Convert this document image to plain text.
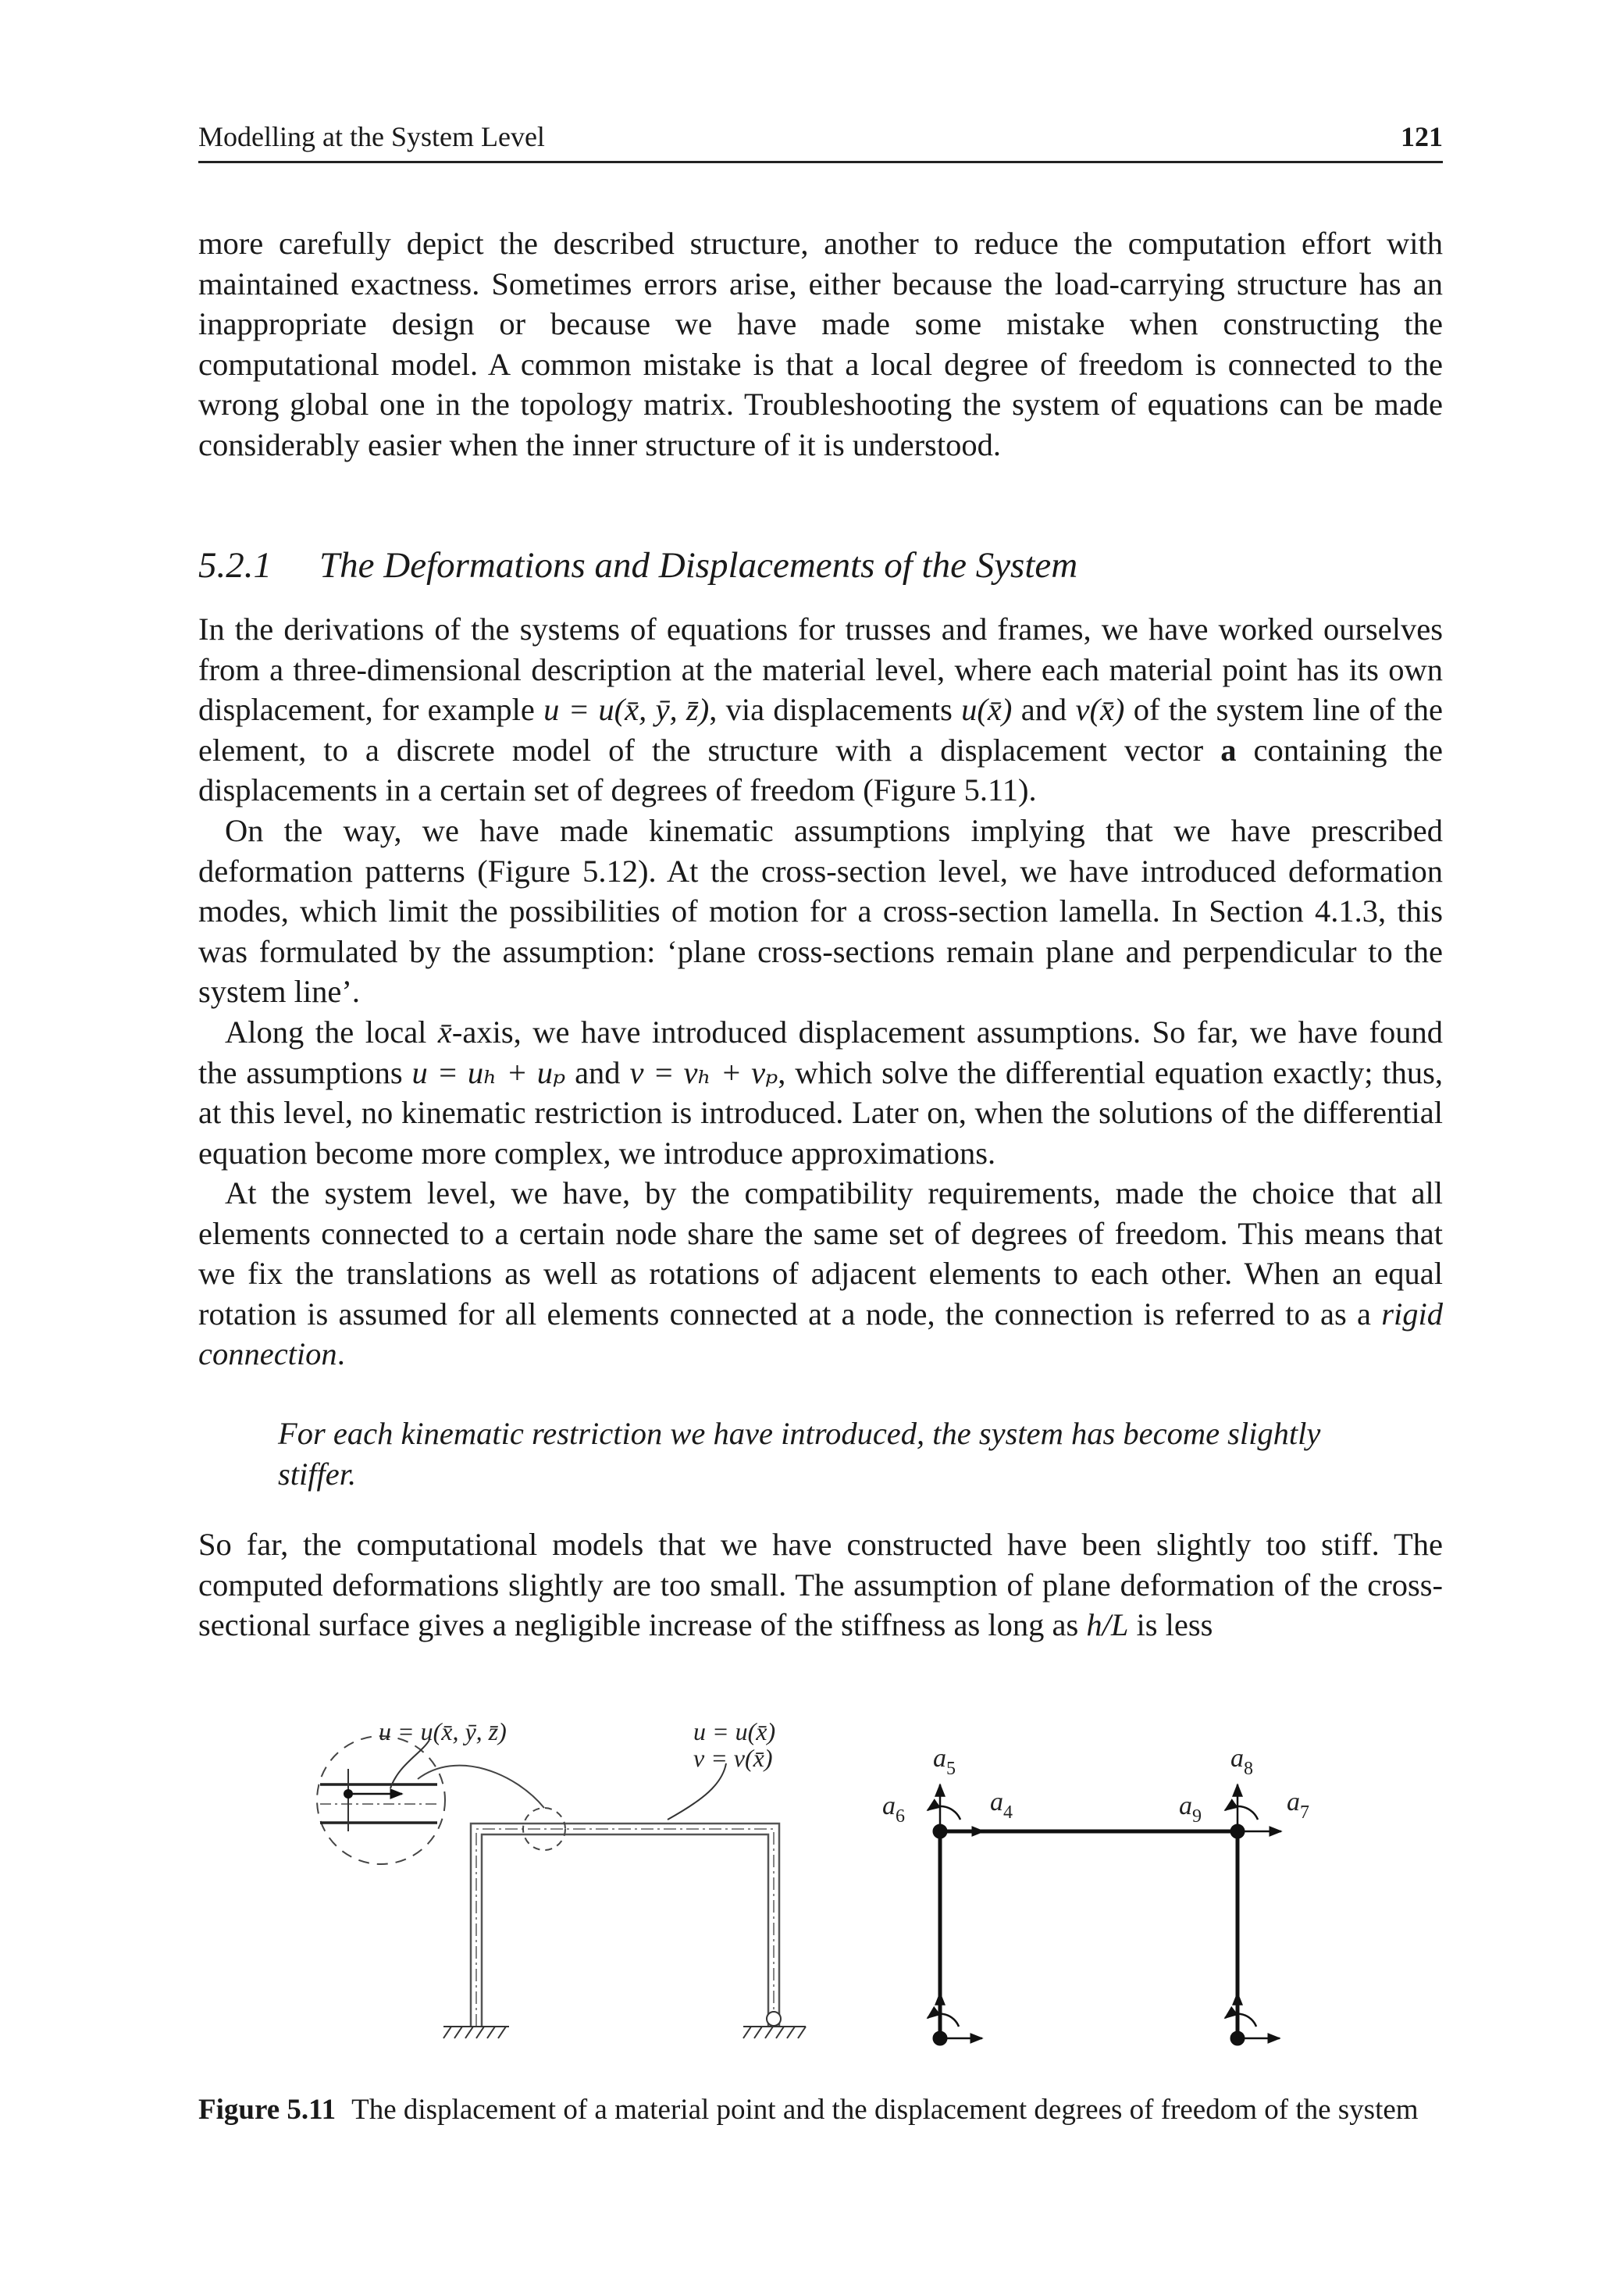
Modelling at the System Level	121

more carefully depict the described structure, another to reduce the computation effort with maintained exactness. Sometimes errors arise, either because the load-carrying structure has an inappropriate design or because we have made some mistake when constructing the computational model. A common mistake is that a local degree of freedom is connected to the wrong global one in the topology matrix. Troubleshooting the system of equations can be made considerably easier when the inner structure of it is understood.

5.2.1 The Deformations and Displacements of the System

In the derivations of the systems of equations for trusses and frames, we have worked ourselves from a three-dimensional description at the material level, where each material point has its own displacement, for example u = u(x̄, ȳ, z̄), via displacements u(x̄) and v(x̄) of the system line of the element, to a discrete model of the structure with a displacement vector a containing the displacements in a certain set of degrees of freedom (Figure 5.11).

On the way, we have made kinematic assumptions implying that we have prescribed deformation patterns (Figure 5.12). At the cross-section level, we have introduced deformation modes, which limit the possibilities of motion for a cross-section lamella. In Section 4.1.3, this was formulated by the assumption: ‘plane cross-sections remain plane and perpendicular to the system line’.

Along the local x̄-axis, we have introduced displacement assumptions. So far, we have found the assumptions u = uₕ + uₚ and v = vₕ + vₚ, which solve the differential equation exactly; thus, at this level, no kinematic restriction is introduced. Later on, when the solutions of the differential equation become more complex, we introduce approximations.

At the system level, we have, by the compatibility requirements, made the choice that all elements connected to a certain node share the same set of degrees of freedom. This means that we fix the translations as well as rotations of adjacent elements to each other. When an equal rotation is assumed for all elements connected at a node, the connection is referred to as a rigid connection.

For each kinematic restriction we have introduced, the system has become slightly stiffer.

So far, the computational models that we have constructed have been slightly too stiff. The computed deformations slightly are too small. The assumption of plane deformation of the cross-sectional surface gives a negligible increase of the stiffness as long as h/L is less

u = u(x̄, ȳ, z̄)	u = u(x̄)
v = v(x̄)	$a_5$
$a_6$	$a_4$
$a_8$
$a_9$	$a_7$

Figure 5.11 The displacement of a material point and the displacement degrees of freedom of the system
